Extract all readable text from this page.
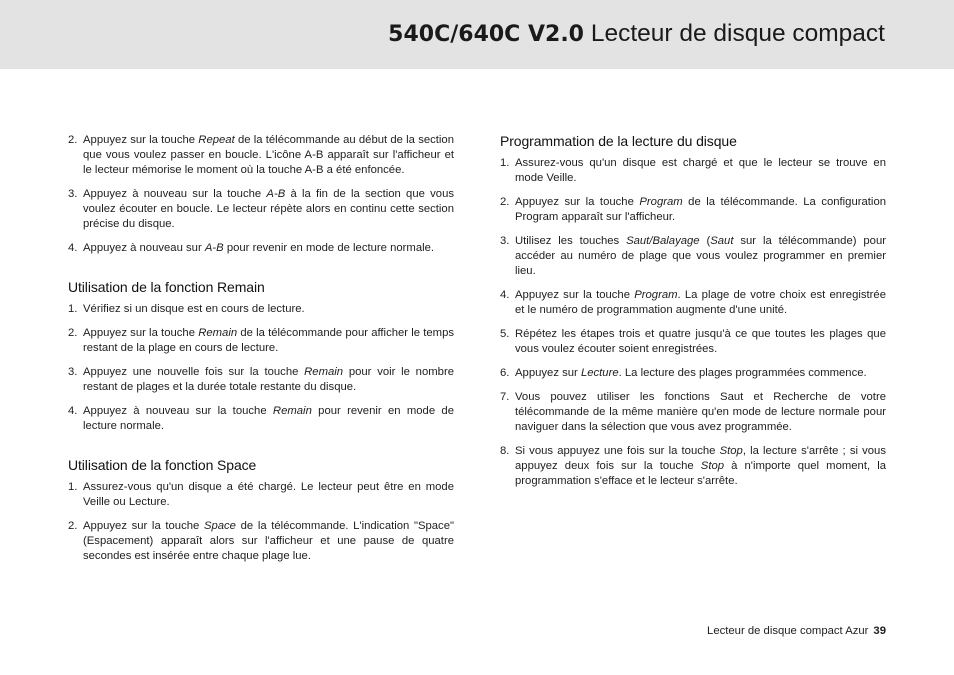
540C/640C V2.0 Lecteur de disque compact
2. Appuyez sur la touche Repeat de la télécommande au début de la section que vous voulez passer en boucle. L'icône A-B apparaît sur l'afficheur et le lecteur mémorise le moment où la touche A-B a été enfoncée.
3. Appuyez à nouveau sur la touche A-B à la fin de la section que vous voulez écouter en boucle. Le lecteur répète alors en continu cette section précise du disque.
4. Appuyez à nouveau sur A-B pour revenir en mode de lecture normale.
Utilisation de la fonction Remain
1. Vérifiez si un disque est en cours de lecture.
2. Appuyez sur la touche Remain de la télécommande pour afficher le temps restant de la plage en cours de lecture.
3. Appuyez une nouvelle fois sur la touche Remain pour voir le nombre restant de plages et la durée totale restante du disque.
4. Appuyez à nouveau sur la touche Remain pour revenir en mode de lecture normale.
Utilisation de la fonction Space
1. Assurez-vous qu'un disque a été chargé. Le lecteur peut être en mode Veille ou Lecture.
2. Appuyez sur la touche Space de la télécommande. L'indication "Space" (Espacement) apparaît alors sur l'afficheur et une pause de quatre secondes est insérée entre chaque plage lue.
Programmation de la lecture du disque
1. Assurez-vous qu'un disque est chargé et que le lecteur se trouve en mode Veille.
2. Appuyez sur la touche Program de la télécommande. La configuration Program apparaît sur l'afficheur.
3. Utilisez les touches Saut/Balayage (Saut sur la télécommande) pour accéder au numéro de plage que vous voulez programmer en premier lieu.
4. Appuyez sur la touche Program. La plage de votre choix est enregistrée et le numéro de programmation augmente d'une unité.
5. Répétez les étapes trois et quatre jusqu'à ce que toutes les plages que vous voulez écouter soient enregistrées.
6. Appuyez sur Lecture. La lecture des plages programmées commence.
7. Vous pouvez utiliser les fonctions Saut et Recherche de votre télécommande de la même manière qu'en mode de lecture normale pour naviguer dans la sélection que vous avez programmée.
8. Si vous appuyez une fois sur la touche Stop, la lecture s'arrête ; si vous appuyez deux fois sur la touche Stop à n'importe quel moment, la programmation s'efface et le lecteur s'arrête.
Lecteur de disque compact Azur 39
